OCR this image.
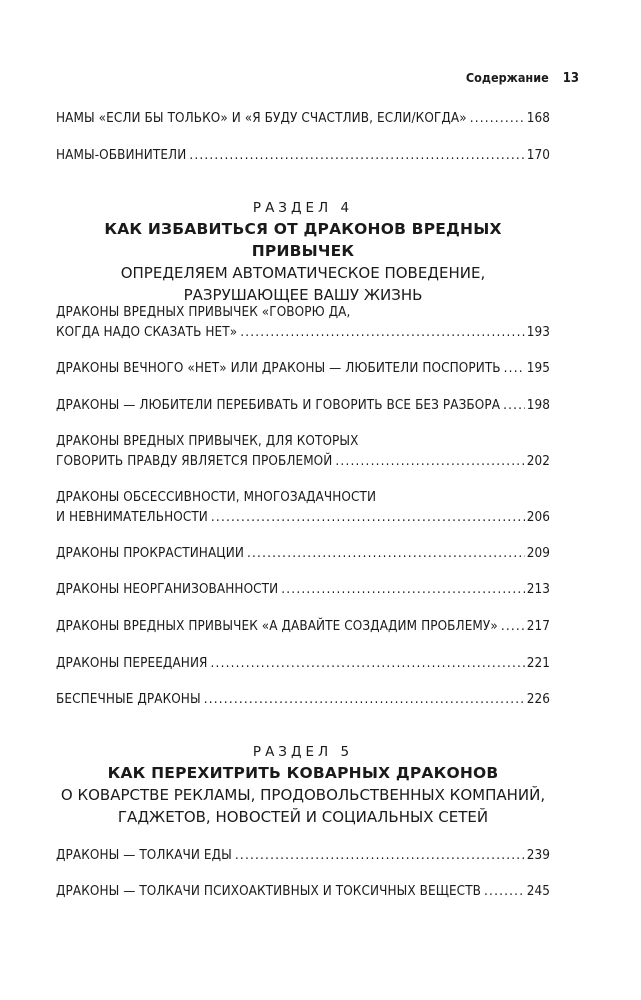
Содержание 13
НАМЫ «ЕСЛИ БЫ ТОЛЬКО» И «Я БУДУ СЧАСТЛИВ, ЕСЛИ/КОГДА» .....	168
НАМЫ-ОБВИНИТЕЛИ .....	170
РАЗДЕЛ 4
КАК ИЗБАВИТЬСЯ ОТ ДРАКОНОВ ВРЕДНЫХ ПРИВЫЧЕК
ОПРЕДЕЛЯЕМ АВТОМАТИЧЕСКОЕ ПОВЕДЕНИЕ,
РАЗРУШАЮЩЕЕ ВАШУ ЖИЗНЬ
ДРАКОНЫ ВРЕДНЫХ ПРИВЫЧЕК «ГОВОРЮ ДА,
КОГДА НАДО СКАЗАТЬ НЕТ» .....	193
ДРАКОНЫ ВЕЧНОГО «НЕТ» ИЛИ ДРАКОНЫ — ЛЮБИТЕЛИ ПОСПОРИТЬ ..... 195
ДРАКОНЫ — ЛЮБИТЕЛИ ПЕРЕБИВАТЬ И ГОВОРИТЬ ВСЕ БЕЗ РАЗБОРА ..... 198
ДРАКОНЫ ВРЕДНЫХ ПРИВЫЧЕК, ДЛЯ КОТОРЫХ
ГОВОРИТЬ ПРАВДУ ЯВЛЯЕТСЯ ПРОБЛЕМОЙ .....	202
ДРАКОНЫ ОБСЕССИВНОСТИ, МНОГОЗАДАЧНОСТИ
И НЕВНИМАТЕЛЬНОСТИ .....	206
ДРАКОНЫ ПРОКРАСТИНАЦИИ .....	209
ДРАКОНЫ НЕОРГАНИЗОВАННОСТИ .....	213
ДРАКОНЫ ВРЕДНЫХ ПРИВЫЧЕК «А ДАВАЙТЕ СОЗДАДИМ ПРОБЛЕМУ» ..... 217
ДРАКОНЫ ПЕРЕЕДАНИЯ .....	221
БЕСПЕЧНЫЕ ДРАКОНЫ .....	226
РАЗДЕЛ 5
КАК ПЕРЕХИТРИТЬ КОВАРНЫХ ДРАКОНОВ
О КОВАРСТВЕ РЕКЛАМЫ, ПРОДОВОЛЬСТВЕННЫХ КОМПАНИЙ,
ГАДЖЕТОВ, НОВОСТЕЙ И СОЦИАЛЬНЫХ СЕТЕЙ
ДРАКОНЫ — ТОЛКАЧИ ЕДЫ .....	239
ДРАКОНЫ — ТОЛКАЧИ ПСИХОАКТИВНЫХ И ТОКСИЧНЫХ ВЕЩЕСТВ .....	245
